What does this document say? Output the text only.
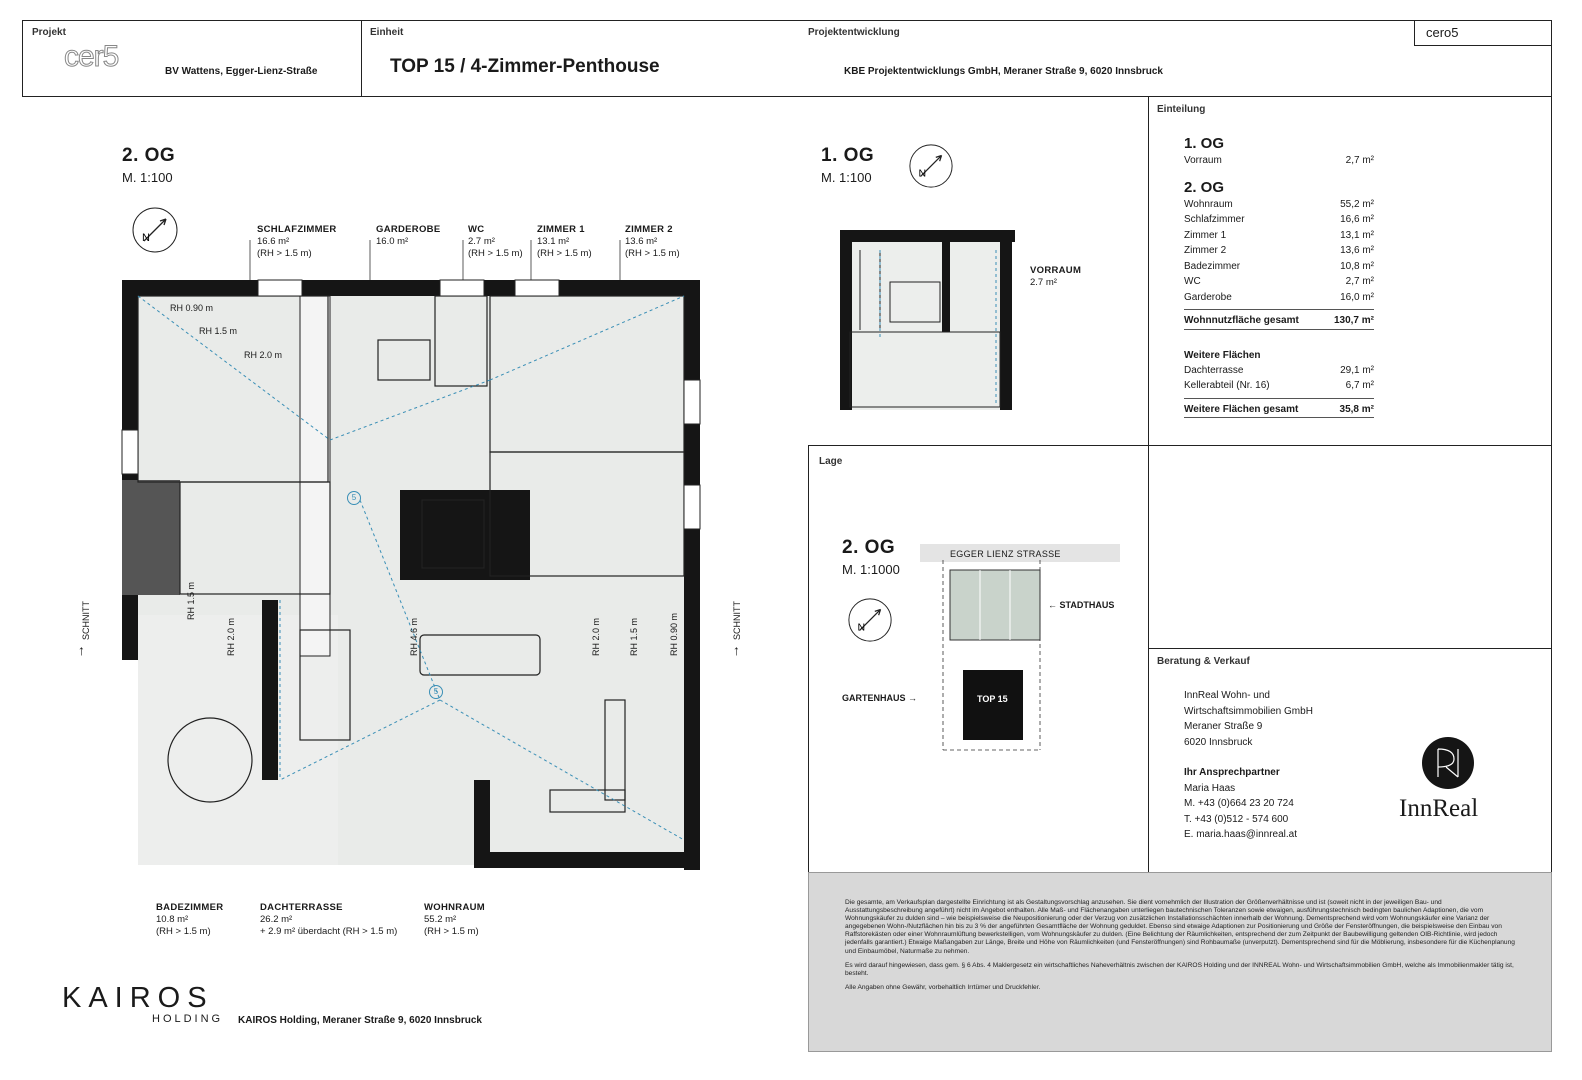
Projekt
cer5	BV Wattens, Egger-Lienz-Straße
Einheit
TOP 15 / 4-Zimmer-Penthouse
Projektentwicklung
KBE Projektentwicklungs GmbH, Meraner Straße 9, 6020 Innsbruck
cero5
2. OG
M. 1:100
N
SCHLAFZIMMER
16.6 m²
(RH > 1.5 m)
GARDEROBE
16.0 m²
WC
2.7 m²
(RH > 1.5 m)
ZIMMER 1
13.1 m²
(RH > 1.5 m)
ZIMMER 2
13.6 m²
(RH > 1.5 m)
RH 0.90 m
RH 1.5 m
RH 2.0 m
RH 1.5 m
RH 2.0 m	RH 4.6 m	RH 2.0 m	RH 1.5 m	RH 0.90 m
5
5
SCHNITT
↑
SCHNITT
↑
BADEZIMMER
10.8 m²
(RH > 1.5 m)
DACHTERRASSE
26.2 m²
+ 2.9 m² überdacht (RH > 1.5 m)
WOHNRAUM
55.2 m²
(RH > 1.5 m)
1. OG
M. 1:100	N
VORRAUM
2.7 m²
Einteilung
1. OG
Vorraum	2,7 m²
2. OG
Wohnraum	55,2 m²
Schlafzimmer	16,6 m²
Zimmer 1	13,1 m²
Zimmer 2	13,6 m²
Badezimmer	10,8 m²
WC	2,7 m²
Garderobe	16,0 m²
Wohnnutzfläche gesamt	130,7 m²
Weitere Flächen
Dachterrasse	29,1 m²
Kellerabteil (Nr. 16)	6,7 m²
Weitere Flächen gesamt	35,8 m²
Lage
2. OG
M. 1:1000
N
EGGER LIENZ STRASSE
TOP 15
← STADTHAUS
GARTENHAUS →
Beratung & Verkauf
InnReal Wohn- und
Wirtschaftsimmobilien GmbH
Meraner Straße 9
6020 Innsbruck
Ihr Ansprechpartner
Maria Haas
M. +43 (0)664 23 20 724
T. +43 (0)512 - 574 600
E. maria.haas@innreal.at
InnReal

Die gesamte, am Verkaufsplan dargestellte Einrichtung ist als Gestaltungsvorschlag anzusehen. Sie dient vornehmlich der Illustration der Größenverhältnisse und ist (soweit nicht in der jeweiligen Bau- und Ausstattungsbeschreibung angeführt) nicht im Angebot enthalten. Alle Maß- und Flächenangaben unterliegen bautechnischen Toleranzen sowie etwaigen, ausführungstechnisch bedingten baulichen Adaptionen, die vom Wohnungskäufer zu dulden sind – wie beispielsweise die Neupositionierung oder der Verzug von zusätzlichen Installationsschächten innerhalb der Wohnung. Dementsprechend wird vom Wohnungskäufer eine Varianz der angegebenen Wohn-/Nutzflächen hin bis zu 3 % der angeführten Gesamtfläche der Wohnung geduldet. Ebenso sind etwaige Adaptionen zur Positionierung und Größe der Fensteröffnungen, die beispielsweise den Einbau von Raffstorekästen oder einer Wohnraumlüftung bewerkstelligen, vom Wohnungskäufer zu dulden. (Eine Belichtung der Räumlichkeiten, entsprechend der zum Zeitpunkt der Baubewilligung geltenden OIB-Richtlinie, wird jedoch jedenfalls garantiert.) Etwaige Maßangaben zur Länge, Breite und Höhe von Räumlichkeiten (und Fensteröffnungen) sind Rohbaumaße (unverputzt). Dementsprechend sind für die Möblierung, insbesondere für die Küchenplanung und Einbaumöbel, Naturmaße zu nehmen.

Es wird darauf hingewiesen, dass gem. § 6 Abs. 4 Maklergesetz ein wirtschaftliches Naheverhältnis zwischen der KAIROS Holding und der INNREAL Wohn- und Wirtschaftsimmobilien GmbH, welche als Immobilienmakler tätig ist, besteht.

Alle Angaben ohne Gewähr, vorbehaltlich Irrtümer und Druckfehler.

KAIROS
HOLDING KAIROS Holding, Meraner Straße 9, 6020 Innsbruck
